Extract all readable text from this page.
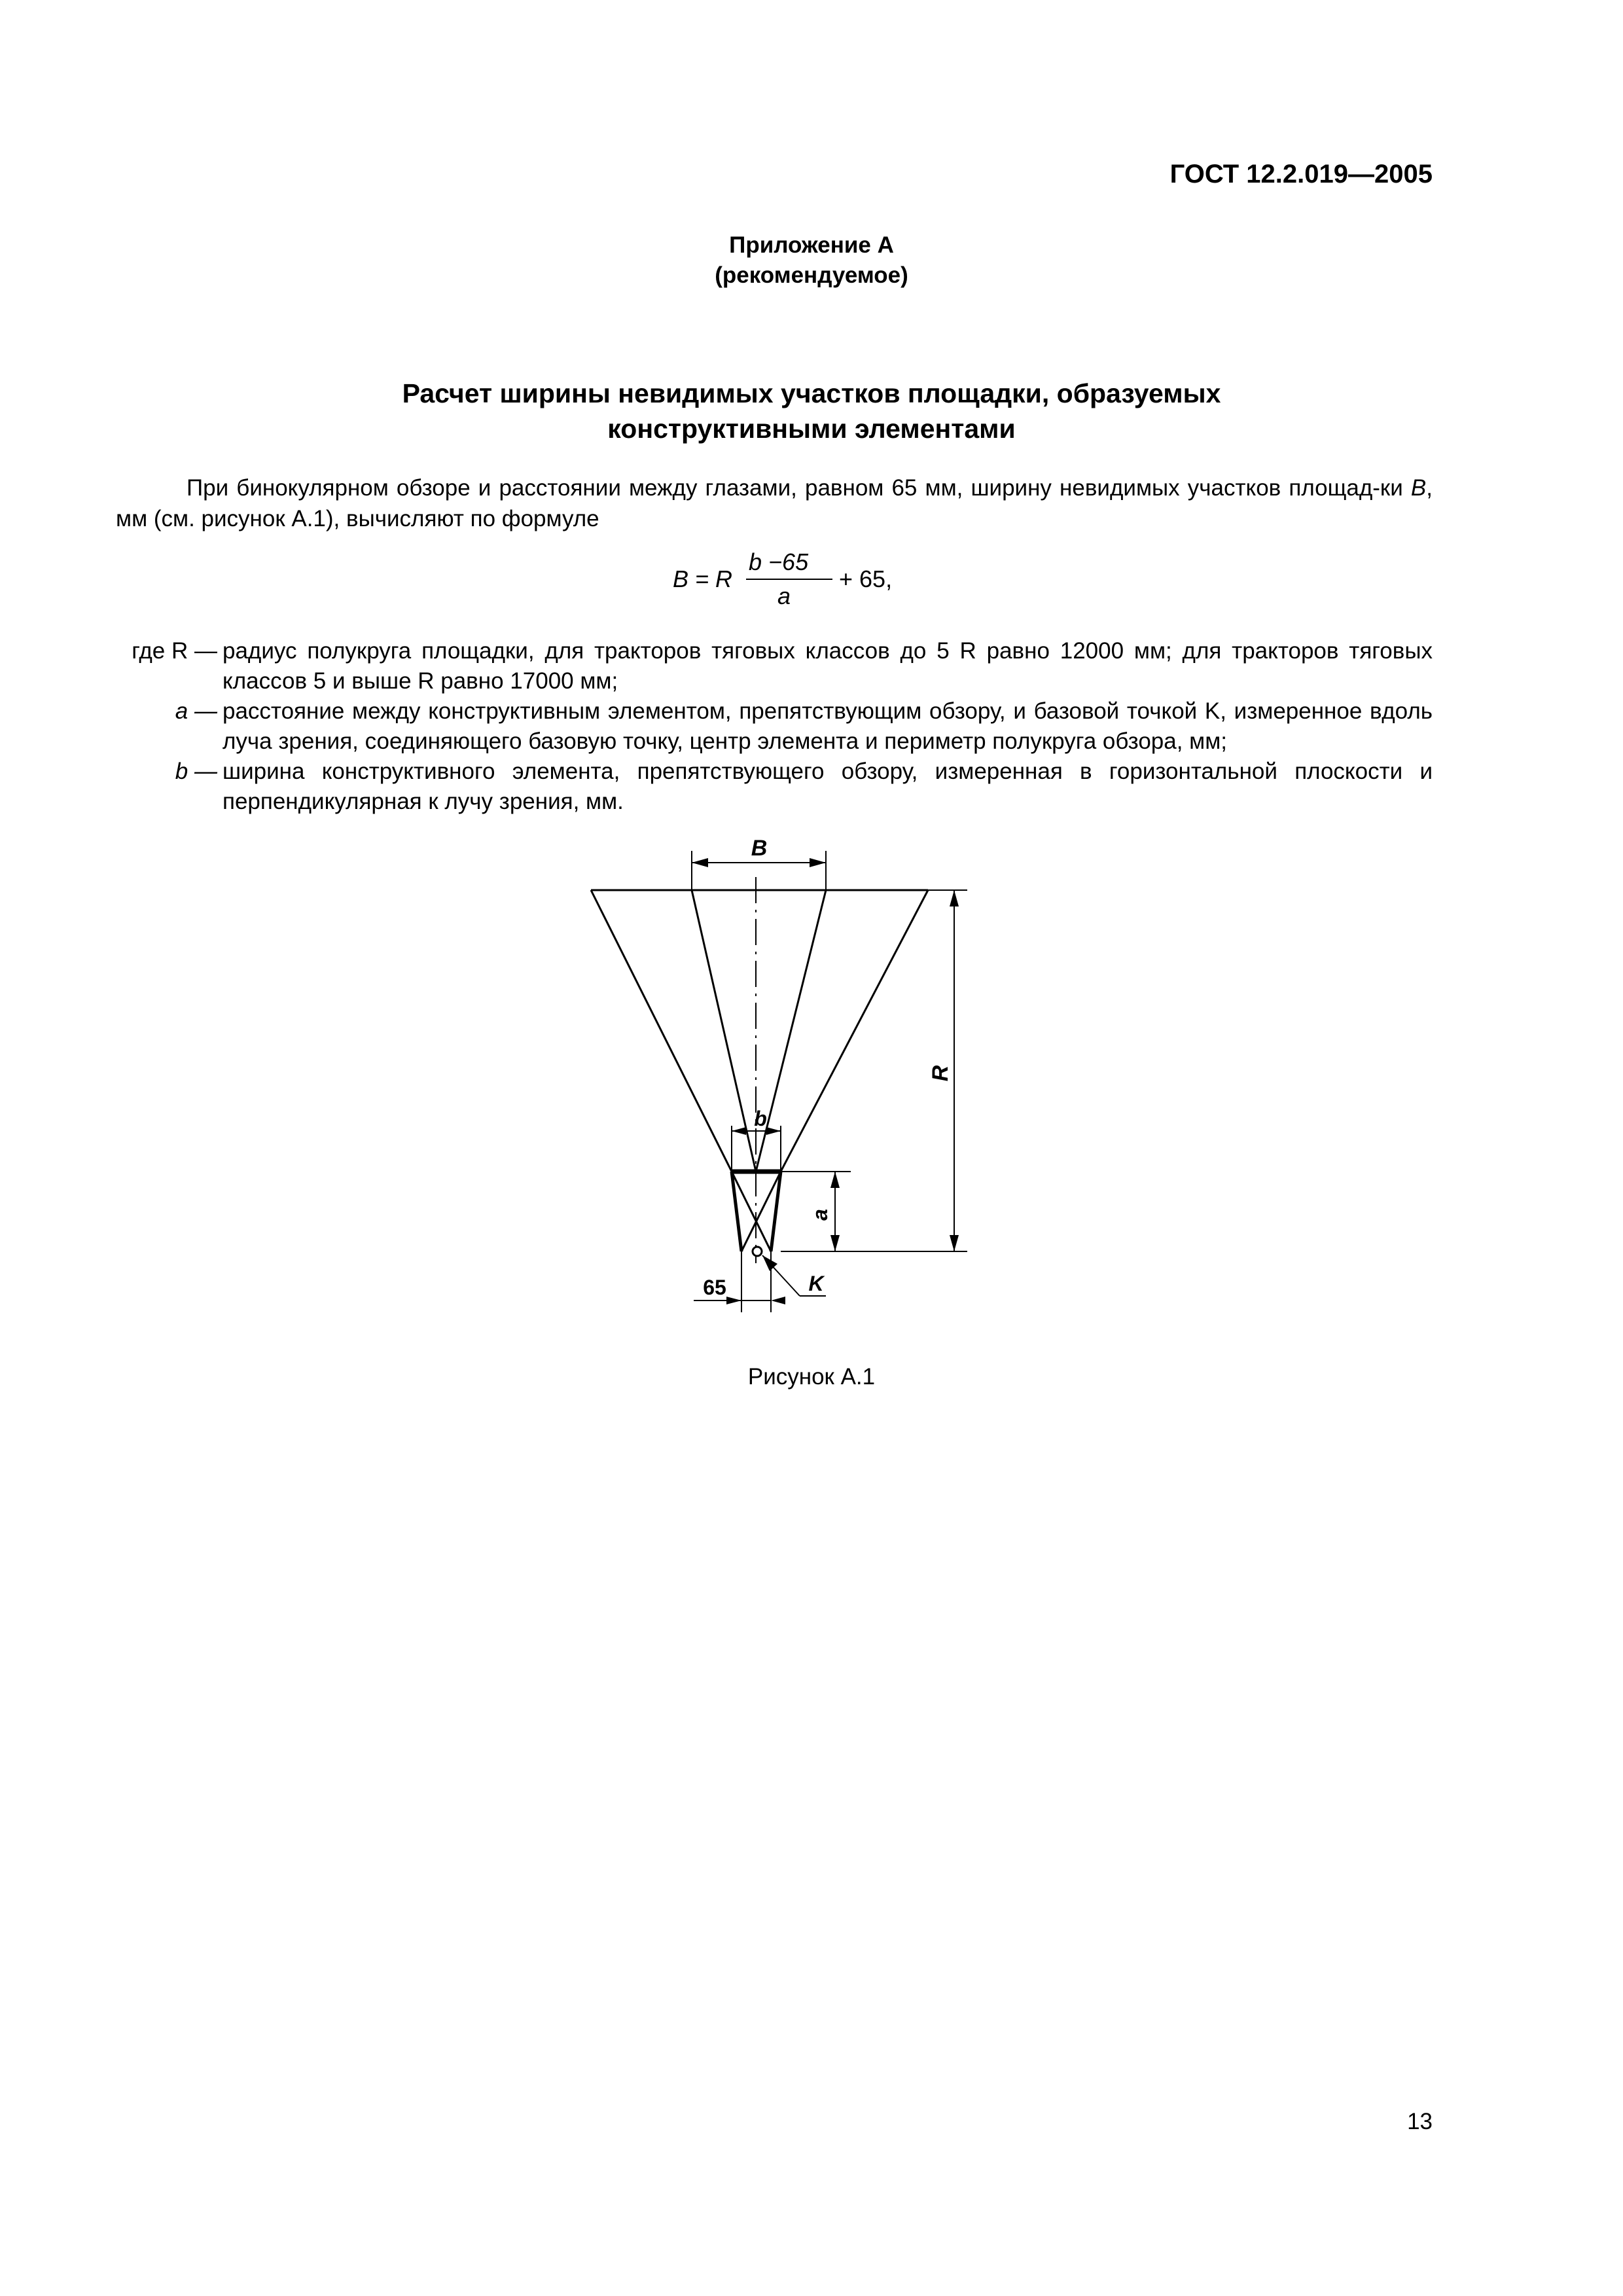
ГОСТ 12.2.019—2005
Приложение А
(рекомендуемое)
Расчет ширины невидимых участков площадки, образуемых
конструктивными элементами

При бинокулярном обзоре и расстоянии между глазами, равном 65 мм, ширину невидимых участков площад-ки B, мм (см. рисунок А.1), вычисляют по формуле

B = R
b −65
a
+ 65,
где R — радиус полукруга площадки, для тракторов тяговых классов до 5 R равно 12000 мм; для тракторов тяговых классов 5 и выше R равно 17000 мм;
a — расстояние между конструктивным элементом, препятствующим обзору, и базовой точкой K, измеренное вдоль луча зрения, соединяющего базовую точку, центр элемента и периметр полукруга обзора, мм;
b — ширина конструктивного элемента, препятствующего обзору, измеренная в горизонтальной плоскости и перпендикулярная к лучу зрения, мм.
B
R
b
a
65	K
Рисунок А.1
13
